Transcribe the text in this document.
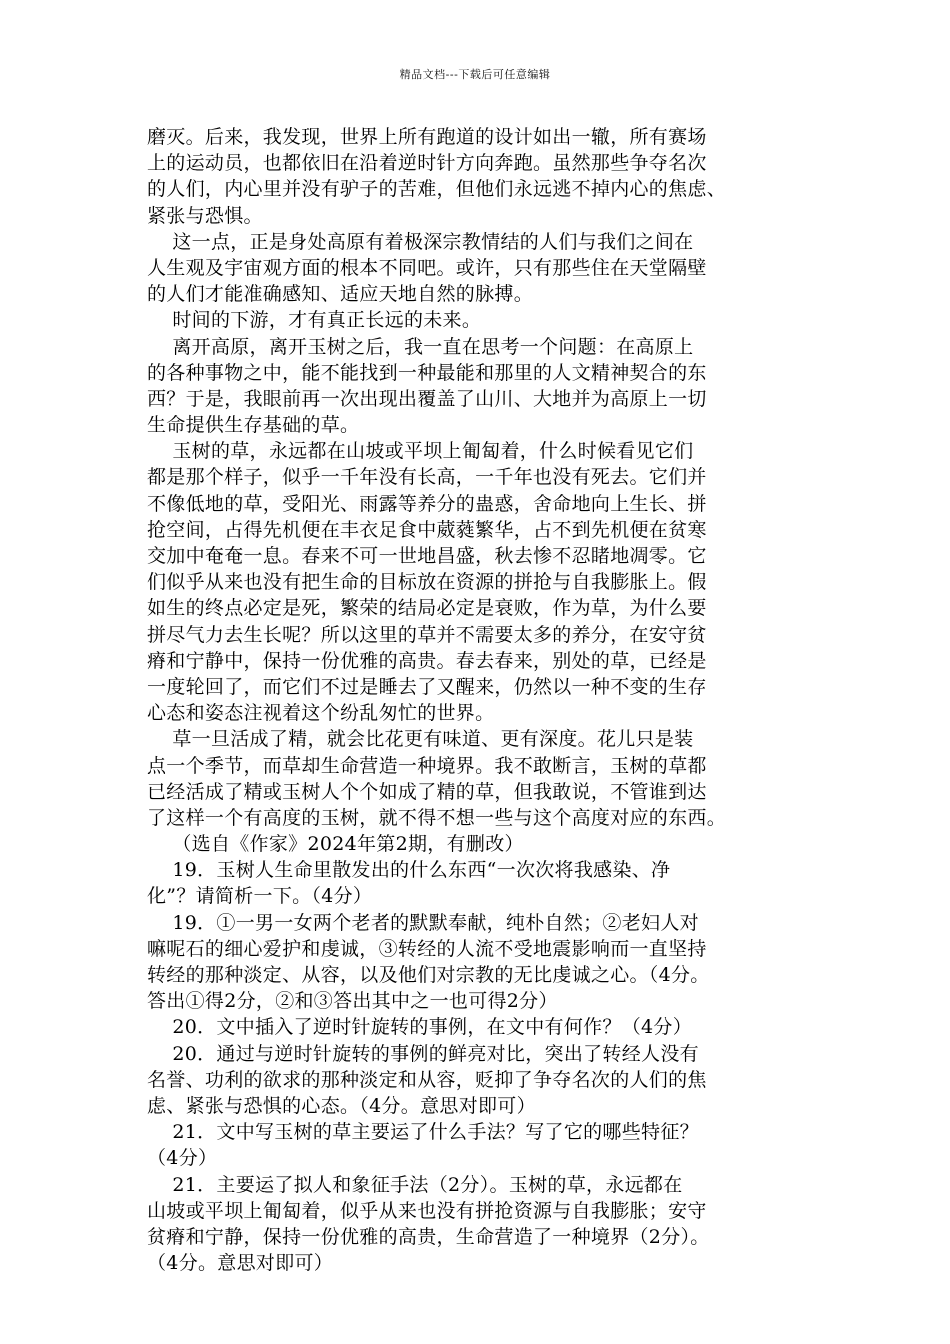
精品文档---下载后可任意编辑
磨灭。后来，我发现，世界上所有跑道的设计如出一辙，所有赛场
上的运动员，也都依旧在沿着逆时针方向奔跑。虽然那些争夺名次
的人们，内心里并没有驴子的苦难，但他们永远逃不掉内心的焦虑、
紧张与恐惧。
这一点，正是身处高原有着极深宗教情结的人们与我们之间在
人生观及宇宙观方面的根本不同吧。或许，只有那些住在天堂隔壁
的人们才能准确感知、适应天地自然的脉搏。
时间的下游，才有真正长远的未来。
离开高原，离开玉树之后，我一直在思考一个问题：在高原上
的各种事物之中，能不能找到一种最能和那里的人文精神契合的东
西？于是，我眼前再一次出现出覆盖了山川、大地并为高原上一切
生命提供生存基础的草。
玉树的草，永远都在山坡或平坝上匍匐着，什么时候看见它们
都是那个样子，似乎一千年没有长高，一千年也没有死去。它们并
不像低地的草，受阳光、雨露等养分的蛊惑，舍命地向上生长、拼
抢空间，占得先机便在丰衣足食中葳蕤繁华，占不到先机便在贫寒
交加中奄奄一息。春来不可一世地昌盛，秋去惨不忍睹地凋零。它
们似乎从来也没有把生命的目标放在资源的拼抢与自我膨胀上。假
如生的终点必定是死，繁荣的结局必定是衰败，作为草，为什么要
拼尽气力去生长呢？所以这里的草并不需要太多的养分，在安守贫
瘠和宁静中，保持一份优雅的高贵。春去春来，别处的草，已经是
一度轮回了，而它们不过是睡去了又醒来，仍然以一种不变的生存
心态和姿态注视着这个纷乱匆忙的世界。
草一旦活成了精，就会比花更有味道、更有深度。花儿只是装
点一个季节，而草却生命营造一种境界。我不敢断言，玉树的草都
已经活成了精或玉树人个个如成了精的草，但我敢说，不管谁到达
了这样一个有高度的玉树，就不得不想一些与这个高度对应的东西。
（选自《作家》2024年第2期，有删改）
19．玉树人生命里散发出的什么东西“一次次将我感染、净
化”？请简析一下。（4分）
19．①一男一女两个老者的默默奉献，纯朴自然；②老妇人对
嘛呢石的细心爱护和虔诚，③转经的人流不受地震影响而一直坚持
转经的那种淡定、从容，以及他们对宗教的无比虔诚之心。（4分。
答出①得2分，②和③答出其中之一也可得2分）
20．文中插入了逆时针旋转的事例，在文中有何作？（4分）
20．通过与逆时针旋转的事例的鲜亮对比，突出了转经人没有
名誉、功利的欲求的那种淡定和从容，贬抑了争夺名次的人们的焦
虑、紧张与恐惧的心态。（4分。意思对即可）
21．文中写玉树的草主要运了什么手法？写了它的哪些特征？
（4分）
21．主要运了拟人和象征手法（2分）。玉树的草，永远都在
山坡或平坝上匍匐着，似乎从来也没有拼抢资源与自我膨胀；安守
贫瘠和宁静，保持一份优雅的高贵，生命营造了一种境界（2分）。
（4分。意思对即可）
